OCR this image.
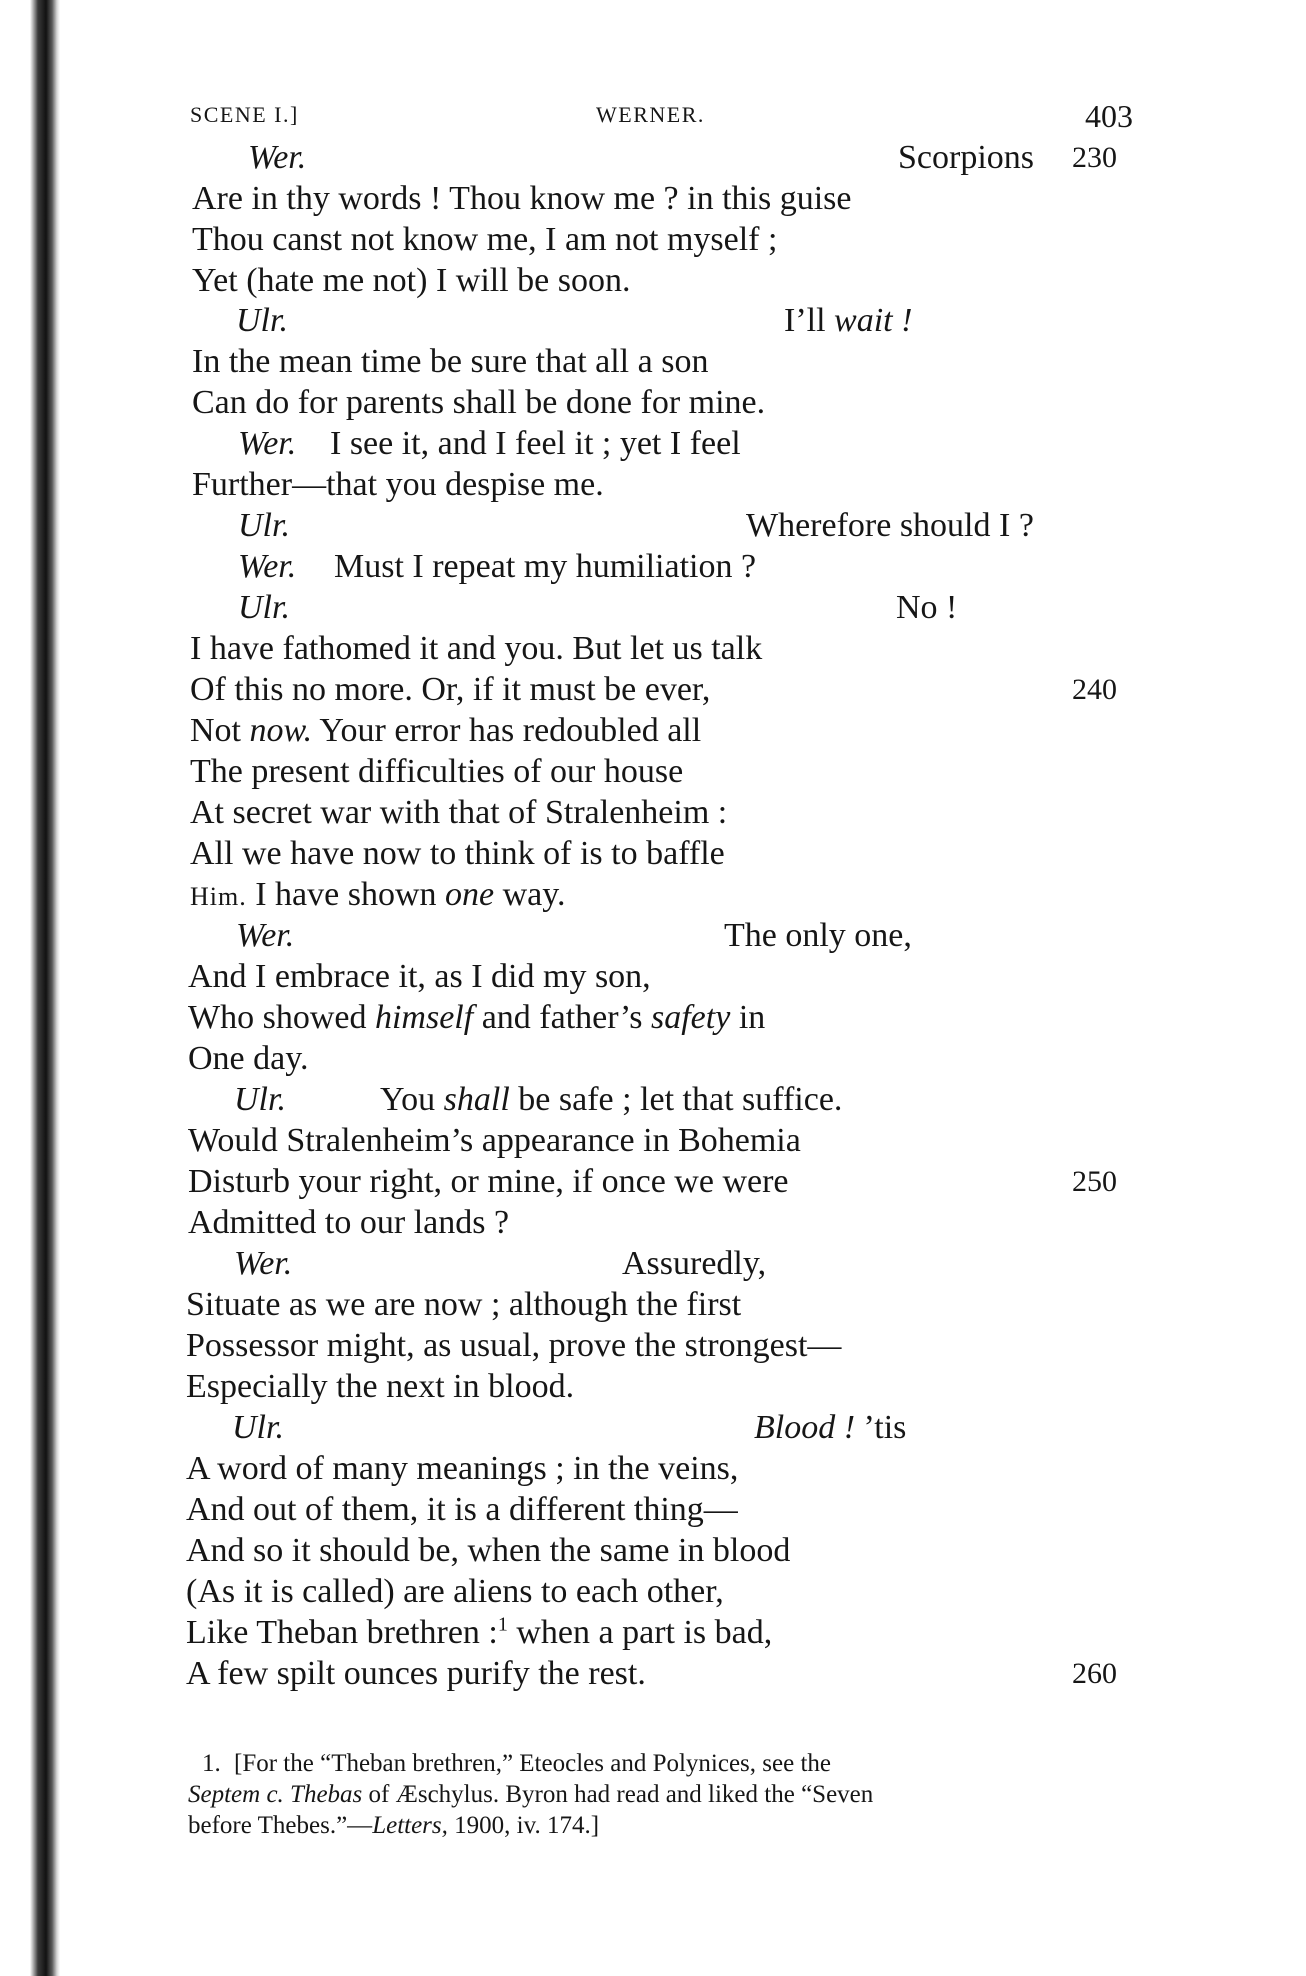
SCENE I.]	WERNER.	403
Wer.	Scorpions 230
Are in thy words ! Thou know me ? in this guise
Thou canst not know me, I am not myself ;
Yet (hate me not) I will be soon.
Ulr.	I’ll wait !
In the mean time be sure that all a son
Can do for parents shall be done for mine.
Wer. I see it, and I feel it ; yet I feel
Further—that you despise me.
Ulr.	Wherefore should I ?
Wer. Must I repeat my humiliation ?
Ulr.	No !
I have fathomed it and you. But let us talk
Of this no more. Or, if it must be ever,	240
Not now. Your error has redoubled all
The present difficulties of our house
At secret war with that of Stralenheim :
All we have now to think of is to baffle
Him. I have shown one way.
Wer.	The only one,
And I embrace it, as I did my son,
Who showed himself and father’s safety in
One day.
Ulr.	You shall be safe ; let that suffice.
Would Stralenheim’s appearance in Bohemia
Disturb your right, or mine, if once we were	250
Admitted to our lands ?
Wer.	Assuredly,
Situate as we are now ; although the first
Possessor might, as usual, prove the strongest—
Especially the next in blood.
Ulr.	Blood ! ’tis
A word of many meanings ; in the veins,
And out of them, it is a different thing—
And so it should be, when the same in blood
(As it is called) are aliens to each other,
Like Theban brethren :$^1$ when a part is bad,
A few spilt ounces purify the rest.	260
1. [For the “Theban brethren,” Eteocles and Polynices, see the
Septem c. Thebas of Æschylus. Byron had read and liked the “Seven
before Thebes.”—Letters, 1900, iv. 174.]
